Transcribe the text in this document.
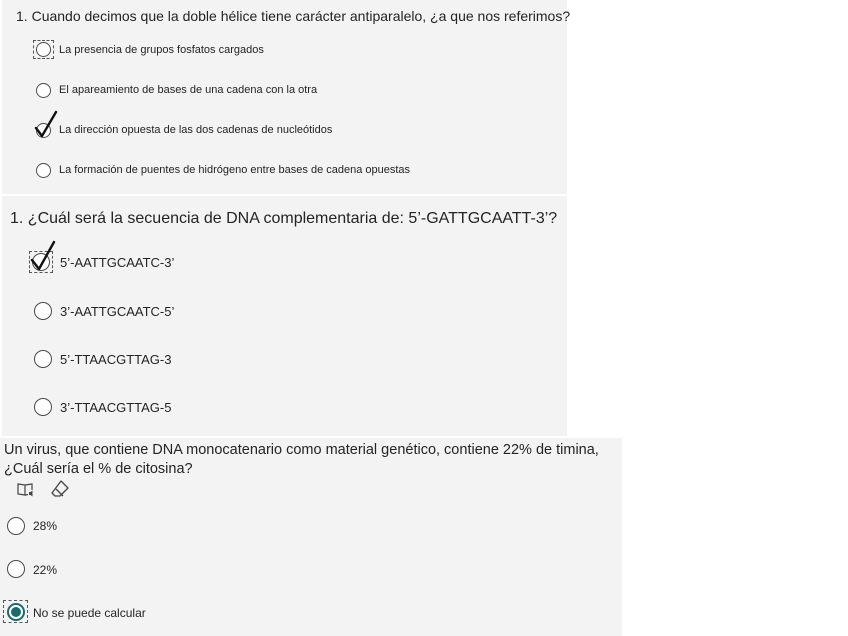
1. Cuando decimos que la doble hélice tiene carácter antiparalelo, ¿a que nos referimos?
La presencia de grupos fosfatos cargados
El apareamiento de bases de una cadena con la otra
La dirección opuesta de las dos cadenas de nucleótidos
La formación de puentes de hidrógeno entre bases de cadena opuestas
1. ¿Cuál será la secuencia de DNA complementaria de: 5’-GATTGCAATT-3’?
5’-AATTGCAATC-3’
3’-AATTGCAATC-5’
5’-TTAACGTTAG-3
3’-TTAACGTTAG-5
Un virus, que contiene DNA monocatenario como material genético, contiene 22% de timina,
¿Cuál sería el % de citosina?
28%
22%
No se puede calcular
